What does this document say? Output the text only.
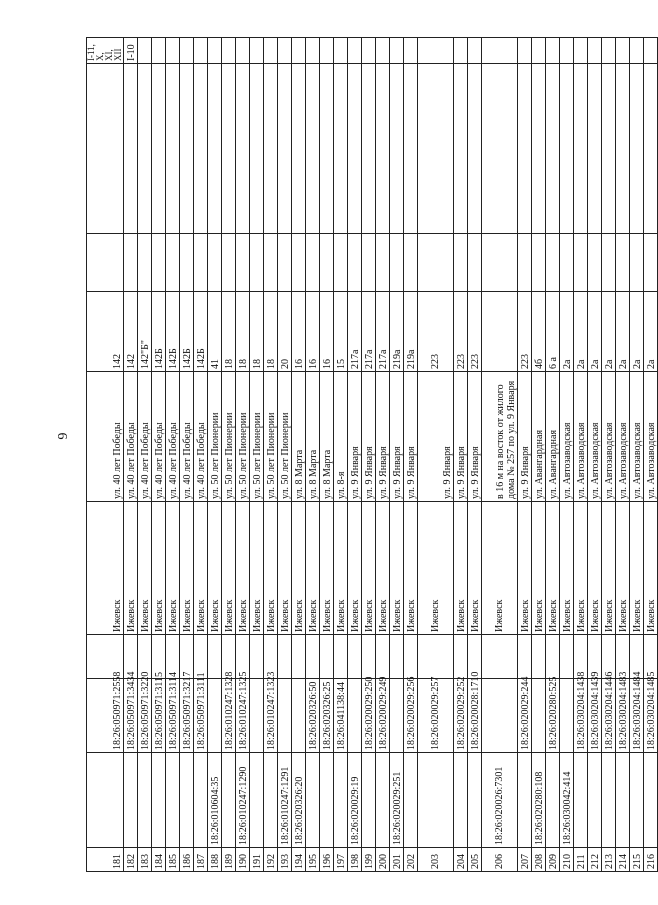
6
181		18:26:050971:2558		Ижевск	ул. 40 лет Победы	142			I-11, X, XI, XII
182		18:26:050971:3434		Ижевск	ул. 40 лет Победы	142			I-10
183		18:26:050971:3220		Ижевск	ул. 40 лет Победы	142"Б"			
184		18:26:050971:3115		Ижевск	ул. 40 лет Победы	142Б			
185		18:26:050971:3114		Ижевск	ул. 40 лет Победы	142Б			
186		18:26:050971:3217		Ижевск	ул. 40 лет Победы	142Б			
187		18:26:050971:3111		Ижевск	ул. 40 лет Победы	142Б			
188	18:26:010604:35			Ижевск	ул. 50 лет Пионерии	41			
189		18:26:010247:1328		Ижевск	ул. 50 лет Пионерии	18			
190	18:26:010247:1290	18:26:010247:1325		Ижевск	ул. 50 лет Пионерии	18			
191				Ижевск	ул. 50 лет Пионерии	18			
192		18:26:010247:1323		Ижевск	ул. 50 лет Пионерии	18			
193	18:26:010247:1291			Ижевск	ул. 50 лет Пионерии	20			
194	18:26:020326:20			Ижевск	ул. 8 Марта	16			
195		18:26:020326:50		Ижевск	ул. 8 Марта	16			
196		18:26:020326:25		Ижевск	ул. 8 Марта	16			
197		18:26:041138:44		Ижевск	ул. 8-я	15			
198	18:26:020029:19			Ижевск	ул. 9 Января	217а			
199		18:26:020029:250		Ижевск	ул. 9 Января	217а			
200		18:26:020029:249		Ижевск	ул. 9 Января	217а			
201	18:26:020029:251			Ижевск	ул. 9 Января	219а			
202		18:26:020029:256		Ижевск	ул. 9 Января	219а			
203		18:26:020029:257		Ижевск	ул. 9 Января	223			
204		18:26:020029:252		Ижевск	ул. 9 Января	223			
205		18:26:020028:1710		Ижевск	ул. 9 Января	223			
206	18:26:020026:7301			Ижевск	в 16 м на восток от жилого дома № 257 по ул. 9 Января				
207		18:26:020029:244		Ижевск	ул. 9 Января	223			
208	18:26:020280:108			Ижевск	ул. Авангардная	4б			
209		18:26:020280:525		Ижевск	ул. Авангардная	6 а			
210	18:26:030042:414			Ижевск	ул. Автозаводская	2а			
211		18:26:030204:1438		Ижевск	ул. Автозаводская	2а			
212		18:26:030204:1439		Ижевск	ул. Автозаводская	2а			
213		18:26:030204:1446		Ижевск	ул. Автозаводская	2а			
214		18:26:030204:1483		Ижевск	ул. Автозаводская	2а			
215		18:26:030204:1484		Ижевск	ул. Автозаводская	2а			
216		18:26:030204:1485		Ижевск	ул. Автозаводская	2а			
